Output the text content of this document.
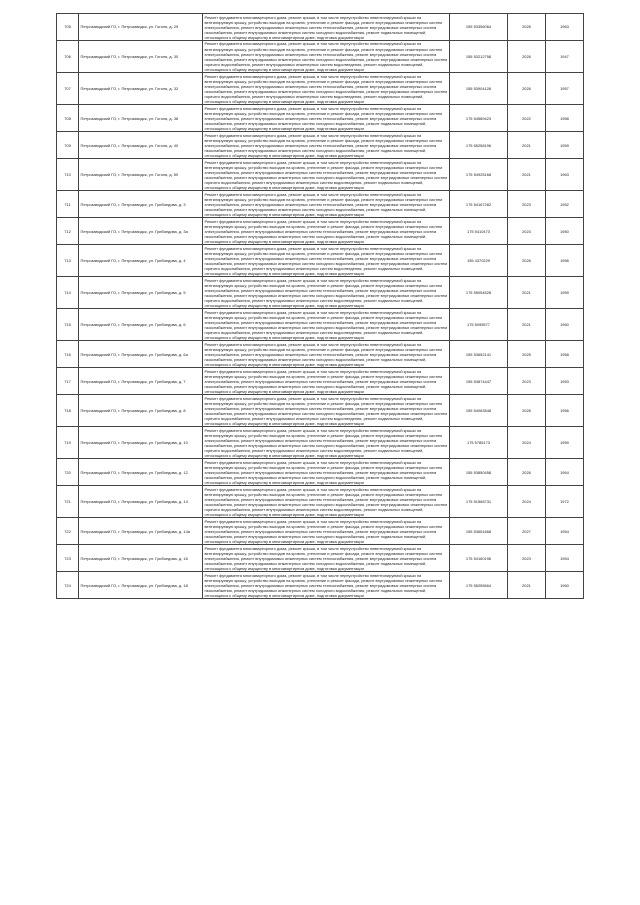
705	Петрозаводский ГО, г. Петрозаводск, ул. Гоголя, д. 29	Ремонт фундамента многоквартирного дома, ремонт крыши, в том числе переустройство невентилируемой крыши на вентилируемую крышу, устройство выходов на кровлю, утепление и ремонт фасада, ремонт внутридомовых инженерных систем электроснабжения, ремонт внутридомовых инженерных систем теплоснабжения, ремонт внутридомовых инженерных систем газоснабжения, ремонт внутридомовых инженерных систем холодного водоснабжения, ремонт подвальных помещений, относящихся к общему имуществу в многоквартирном доме, подготовка документации	155 53356064	2026	1963
706	Петрозаводский ГО, г. Петрозаводск, ул. Гоголя, д. 30	Ремонт фундамента многоквартирного дома, ремонт крыши, в том числе переустройство невентилируемой крыши на вентилируемую крышу, устройство выходов на кровлю, утепление и ремонт фасада, ремонт внутридомовых инженерных систем электроснабжения, ремонт внутридомовых инженерных систем теплоснабжения, ремонт внутридомовых инженерных систем газоснабжения, ремонт внутридомовых инженерных систем холодного водоснабжения, ремонт внутридомовых инженерных систем горячего водоснабжения, ремонт внутридомовых инженерных систем водоотведения, ремонт подвальных помещений, относящихся к общему имуществу в многоквартирном доме, подготовка документации	155 53212758	2026	1947
707	Петрозаводский ГО, г. Петрозаводск, ул. Гоголя, д. 32	Ремонт фундамента многоквартирного дома, ремонт крыши, в том числе переустройство невентилируемой крыши на вентилируемую крышу, устройство выходов на кровлю, утепление и ремонт фасада, ремонт внутридомовых инженерных систем электроснабжения, ремонт внутридомовых инженерных систем теплоснабжения, ремонт внутридомовых инженерных систем газоснабжения, ремонт внутридомовых инженерных систем холодного водоснабжения, ремонт внутридомовых инженерных систем горячего водоснабжения, ремонт внутридомовых инженерных систем водоотведения, ремонт подвальных помещений, относящихся к общему имуществу в многоквартирном доме, подготовка документации	155 53904128	2026	1957
708	Петрозаводский ГО, г. Петрозаводск, ул. Гоголя, д. 38	Ремонт фундамента многоквартирного дома, ремонт крыши, в том числе переустройство невентилируемой крыши на вентилируемую крышу, устройство выходов на кровлю, утепление и ремонт фасада, ремонт внутридомовых инженерных систем электроснабжения, ремонт внутридомовых инженерных систем теплоснабжения, ремонт внутридомовых инженерных систем газоснабжения, ремонт внутридомовых инженерных систем холодного водоснабжения, ремонт подвальных помещений, относящихся к общему имуществу в многоквартирном доме, подготовка документации	175 54589423	2022	1958
709	Петрозаводский ГО, г. Петрозаводск, ул. Гоголя, д. 40	Ремонт фундамента многоквартирного дома, ремонт крыши, в том числе переустройство невентилируемой крыши на вентилируемую крышу, устройство выходов на кровлю, утепление и ремонт фасада, ремонт внутридомовых инженерных систем электроснабжения, ремонт внутридомовых инженерных систем теплоснабжения, ремонт внутридомовых инженерных систем газоснабжения, ремонт внутридомовых инженерных систем холодного водоснабжения, ремонт подвальных помещений, относящихся к общему имуществу в многоквартирном доме, подготовка документации	175 65258196	2021	1959
710	Петрозаводский ГО, г. Петрозаводск, ул. Гоголя, д. 50	Ремонт фундамента многоквартирного дома, ремонт крыши, в том числе переустройство невентилируемой крыши на вентилируемую крышу, устройство выходов на кровлю, утепление и ремонт фасада, ремонт внутридомовых инженерных систем электроснабжения, ремонт внутридомовых инженерных систем теплоснабжения, ремонт внутридомовых инженерных систем газоснабжения, ремонт внутридомовых инженерных систем холодного водоснабжения, ремонт внутридомовых инженерных систем горячего водоснабжения, ремонт внутридомовых инженерных систем водоотведения, ремонт подвальных помещений, относящихся к общему имуществу в многоквартирном доме, подготовка документации	175 54925168	2021	1963
711	Петрозаводский ГО, г. Петрозаводск, ул. Грибоедова, д. 3	Ремонт фундамента многоквартирного дома, ремонт крыши, в том числе переустройство невентилируемой крыши на вентилируемую крышу, устройство выходов на кровлю, утепление и ремонт фасада, ремонт внутридомовых инженерных систем электроснабжения, ремонт внутридомовых инженерных систем теплоснабжения, ремонт внутридомовых инженерных систем газоснабжения, ремонт внутридомовых инженерных систем холодного водоснабжения, ремонт подвальных помещений, относящихся к общему имуществу в многоквартирном доме, подготовка документации	175 54167282	2023	1952
712	Петрозаводский ГО, г. Петрозаводск, ул. Грибоедова, д. 3а	Ремонт фундамента многоквартирного дома, ремонт крыши, в том числе переустройство невентилируемой крыши на вентилируемую крышу, устройство выходов на кровлю, утепление и ремонт фасада, ремонт внутридомовых инженерных систем электроснабжения, ремонт внутридомовых инженерных систем теплоснабжения, ремонт внутридомовых инженерных систем газоснабжения, ремонт внутридомовых инженерных систем холодного водоснабжения, ремонт подвальных помещений, относящихся к общему имуществу в многоквартирном доме, подготовка документации	175 5410473	2023	1950
713	Петрозаводский ГО, г. Петрозаводск, ул. Грибоедова, д. 4	Ремонт фундамента многоквартирного дома, ремонт крыши, в том числе переустройство невентилируемой крыши на вентилируемую крышу, устройство выходов на кровлю, утепление и ремонт фасада, ремонт внутридомовых инженерных систем электроснабжения, ремонт внутридомовых инженерных систем теплоснабжения, ремонт внутридомовых инженерных систем газоснабжения, ремонт внутридомовых инженерных систем холодного водоснабжения, ремонт внутридомовых инженерных систем горячего водоснабжения, ремонт внутридомовых инженерных систем водоотведения, ремонт подвальных помещений, относящихся к общему имуществу в многоквартирном доме, подготовка документации	155 4370229	2026	1956
714	Петрозаводский ГО, г. Петрозаводск, ул. Грибоедова, д. 5	Ремонт фундамента многоквартирного дома, ремонт крыши, в том числе переустройство невентилируемой крыши на вентилируемую крышу, устройство выходов на кровлю, утепление и ремонт фасада, ремонт внутридомовых инженерных систем электроснабжения, ремонт внутридомовых инженерных систем теплоснабжения, ремонт внутридомовых инженерных систем газоснабжения, ремонт внутридомовых инженерных систем холодного водоснабжения, ремонт внутридомовых инженерных систем горячего водоснабжения, ремонт внутридомовых инженерных систем водоотведения, ремонт подвальных помещений, относящихся к общему имуществу в многоквартирном доме, подготовка документации	175 55054528	2021	1959
715	Петрозаводский ГО, г. Петрозаводск, ул. Грибоедова, д. 6	Ремонт фундамента многоквартирного дома, ремонт крыши, в том числе переустройство невентилируемой крыши на вентилируемую крышу, устройство выходов на кровлю, утепление и ремонт фасада, ремонт внутридомовых инженерных систем электроснабжения, ремонт внутридомовых инженерных систем теплоснабжения, ремонт внутридомовых инженерных систем газоснабжения, ремонт внутридомовых инженерных систем холодного водоснабжения, ремонт внутридомовых инженерных систем горячего водоснабжения, ремонт внутридомовых инженерных систем водоотведения, ремонт подвальных помещений, относящихся к общему имуществу в многоквартирном доме, подготовка документации	175 5095577	2021	1960
716	Петрозаводский ГО, г. Петрозаводск, ул. Грибоедова, д. 6а	Ремонт фундамента многоквартирного дома, ремонт крыши, в том числе переустройство невентилируемой крыши на вентилируемую крышу, устройство выходов на кровлю, утепление и ремонт фасада, ремонт внутридомовых инженерных систем электроснабжения, ремонт внутридомовых инженерных систем теплоснабжения, ремонт внутридомовых инженерных систем газоснабжения, ремонт внутридомовых инженерных систем холодного водоснабжения, ремонт подвальных помещений, относящихся к общему имуществу в многоквартирном доме, подготовка документации	155 53652141	2025	1958
717	Петрозаводский ГО, г. Петрозаводск, ул. Грибоедова, д. 7	Ремонт фундамента многоквартирного дома, ремонт крыши, в том числе переустройство невентилируемой крыши на вентилируемую крышу, устройство выходов на кровлю, утепление и ремонт фасада, ремонт внутридомовых инженерных систем электроснабжения, ремонт внутридомовых инженерных систем теплоснабжения, ремонт внутридомовых инженерных систем газоснабжения, ремонт внутридомовых инженерных систем холодного водоснабжения, ремонт подвальных помещений, относящихся к общему имуществу в многоквартирном доме, подготовка документации	155 53874447	2023	1953
718	Петрозаводский ГО, г. Петрозаводск, ул. Грибоедова, д. 8	Ремонт фундамента многоквартирного дома, ремонт крыши, в том числе переустройство невентилируемой крыши на вентилируемую крышу, устройство выходов на кровлю, утепление и ремонт фасада, ремонт внутридомовых инженерных систем электроснабжения, ремонт внутридомовых инженерных систем теплоснабжения, ремонт внутридомовых инженерных систем газоснабжения, ремонт внутридомовых инженерных систем холодного водоснабжения, ремонт внутридомовых инженерных систем горячего водоснабжения, ремонт внутридомовых инженерных систем водоотведения, ремонт подвальных помещений, относящихся к общему имуществу в многоквартирном доме, подготовка документации	155 54063548	2026	1956
719	Петрозаводский ГО, г. Петрозаводск, ул. Грибоедова, д. 10	Ремонт фундамента многоквартирного дома, ремонт крыши, в том числе переустройство невентилируемой крыши на вентилируемую крышу, устройство выходов на кровлю, утепление и ремонт фасада, ремонт внутридомовых инженерных систем электроснабжения, ремонт внутридомовых инженерных систем теплоснабжения, ремонт внутридомовых инженерных систем газоснабжения, ремонт внутридомовых инженерных систем холодного водоснабжения, ремонт внутридомовых инженерных систем горячего водоснабжения, ремонт внутридомовых инженерных систем водоотведения, ремонт подвальных помещений, относящихся к общему имуществу в многоквартирном доме, подготовка документации	175 5785173	2024	1959
720	Петрозаводский ГО, г. Петрозаводск, ул. Грибоедова, д. 12	Ремонт фундамента многоквартирного дома, ремонт крыши, в том числе переустройство невентилируемой крыши на вентилируемую крышу, устройство выходов на кровлю, утепление и ремонт фасада, ремонт внутридомовых инженерных систем электроснабжения, ремонт внутридомовых инженерных систем теплоснабжения, ремонт внутридомовых инженерных систем газоснабжения, ремонт внутридомовых инженерных систем холодного водоснабжения, ремонт подвальных помещений, относящихся к общему имуществу в многоквартирном доме, подготовка документации	155 53850458	2026	1964
721	Петрозаводский ГО, г. Петрозаводск, ул. Грибоедова, д. 14	Ремонт фундамента многоквартирного дома, ремонт крыши, в том числе переустройство невентилируемой крыши на вентилируемую крышу, устройство выходов на кровлю, утепление и ремонт фасада, ремонт внутридомовых инженерных систем электроснабжения, ремонт внутридомовых инженерных систем теплоснабжения, ремонт внутридомовых инженерных систем газоснабжения, ремонт внутридомовых инженерных систем холодного водоснабжения, ремонт внутридомовых инженерных систем горячего водоснабжения, ремонт внутридомовых инженерных систем водоотведения, ремонт подвальных помещений, относящихся к общему имуществу в многоквартирном доме, подготовка документации	175 51568731	2024	1972
722	Петрозаводский ГО, г. Петрозаводск, ул. Грибоедова, д. 14а	Ремонт фундамента многоквартирного дома, ремонт крыши, в том числе переустройство невентилируемой крыши на вентилируемую крышу, устройство выходов на кровлю, утепление и ремонт фасада, ремонт внутридомовых инженерных систем электроснабжения, ремонт внутридомовых инженерных систем теплоснабжения, ремонт внутридомовых инженерных систем газоснабжения, ремонт внутридомовых инженерных систем холодного водоснабжения, ремонт подвальных помещений, относящихся к общему имуществу в многоквартирном доме, подготовка документации	155 53651668	2027	1954
723	Петрозаводский ГО, г. Петрозаводск, ул. Грибоедова, д. 16	Ремонт фундамента многоквартирного дома, ремонт крыши, в том числе переустройство невентилируемой крыши на вентилируемую крышу, устройство выходов на кровлю, утепление и ремонт фасада, ремонт внутридомовых инженерных систем электроснабжения, ремонт внутридомовых инженерных систем теплоснабжения, ремонт внутридомовых инженерных систем газоснабжения, ремонт внутридомовых инженерных систем холодного водоснабжения, ремонт подвальных помещений, относящихся к общему имуществу в многоквартирном доме, подготовка документации	175 54160196	2023	1954
724	Петрозаводский ГО, г. Петрозаводск, ул. Грибоедова, д. 18	Ремонт фундамента многоквартирного дома, ремонт крыши, в том числе переустройство невентилируемой крыши на вентилируемую крышу, устройство выходов на кровлю, утепление и ремонт фасада, ремонт внутридомовых инженерных систем электроснабжения, ремонт внутридомовых инженерных систем теплоснабжения, ремонт внутридомовых инженерных систем газоснабжения, ремонт внутридомовых инженерных систем холодного водоснабжения, ремонт подвальных помещений, относящихся к общему имуществу в многоквартирном доме, подготовка документации	175 55255664	2021	1960
